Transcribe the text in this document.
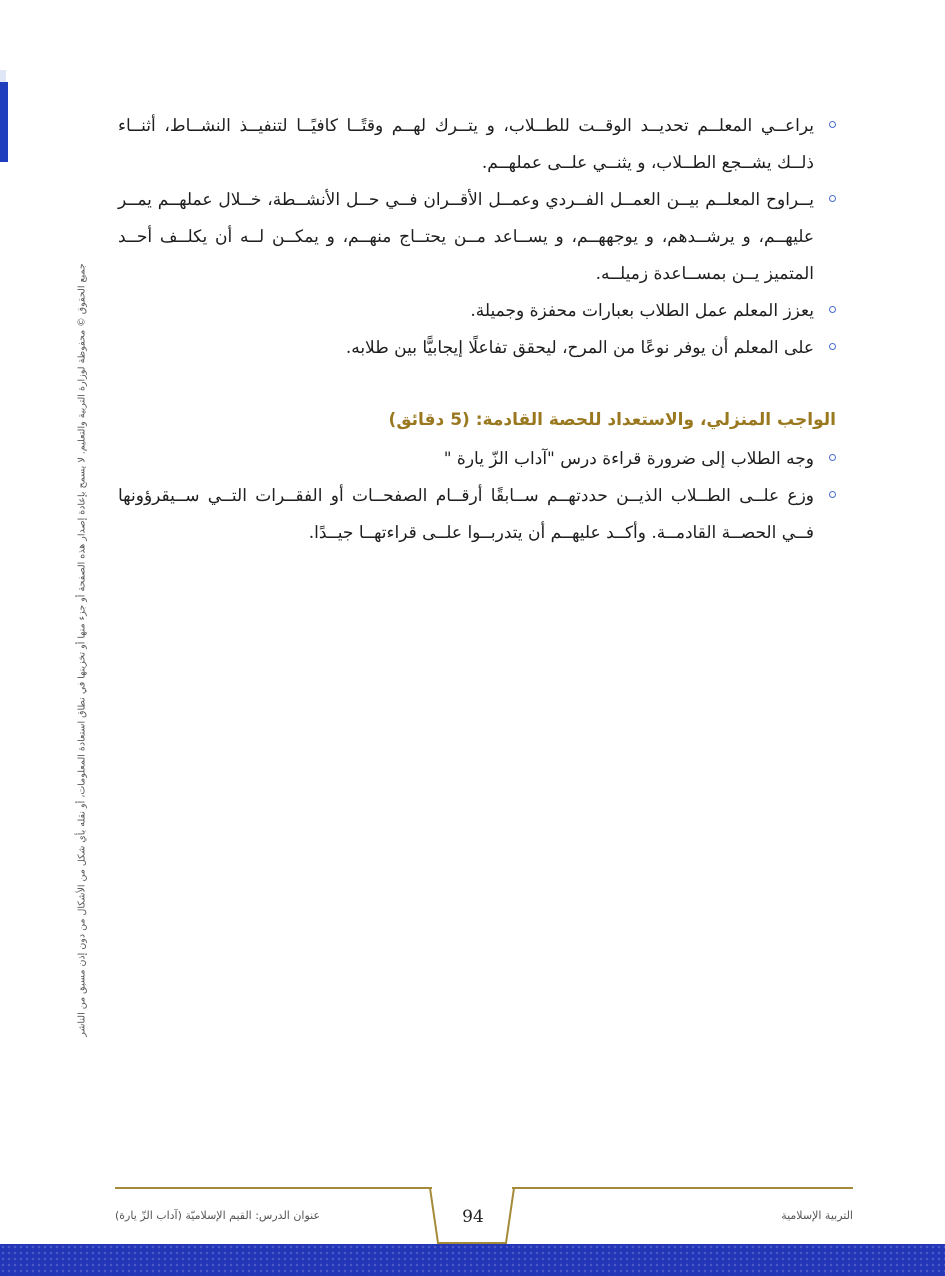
جميع الحقوق © محفوظة لوزارة التربية والتعليم. لا يسمح بإعادة إصدار هذه الصفحة أو جزء منها أو تخزينها في نطاق استعادة المعلومات، أو نقله بأي شكل من الأشكال من دون إذن مسبق من الناشر
يراعــي المعلــم تحديــد الوقــت للطــلاب، و يتــرك لهــم وقتًــا كافيًــا لتنفيــذ النشــاط، أثنــاء ذلــك يشــجع الطــلاب، و يثنــي علــى عملهــم.
يــراوح المعلــم بيــن العمــل الفــردي وعمــل الأقــران فــي حــل الأنشــطة، خــلال عملهــم يمــر عليهــم، و يرشــدهم، و يوجههــم، و يســاعد مــن يحتــاج منهــم، و يمكــن لــه أن يكلــف أحــد المتميز يــن بمســاعدة زميلــه.
يعزز المعلم عمل الطلاب بعبارات محفزة وجميلة.
على المعلم أن يوفر نوعًا من المرح، ليحقق تفاعلًا إيجابيًّا بين طلابه.
الواجب المنزلي، والاستعداد للحصة القادمة: (5 دقائق)
وجه الطلاب إلى ضرورة قراءة درس "آداب الزّ يارة "
وزع علــى الطــلاب الذيــن حددتهــم ســابقًا أرقــام الصفحــات أو الفقــرات التــي ســيقرؤونها فــي الحصــة القادمــة. وأكــد عليهــم أن يتدربــوا علــى قراءتهــا جيــدًا.
94	التربية الإسلامية
عنوان الدرس: القيم الإسلاميّة (آداب الزّ يارة)
